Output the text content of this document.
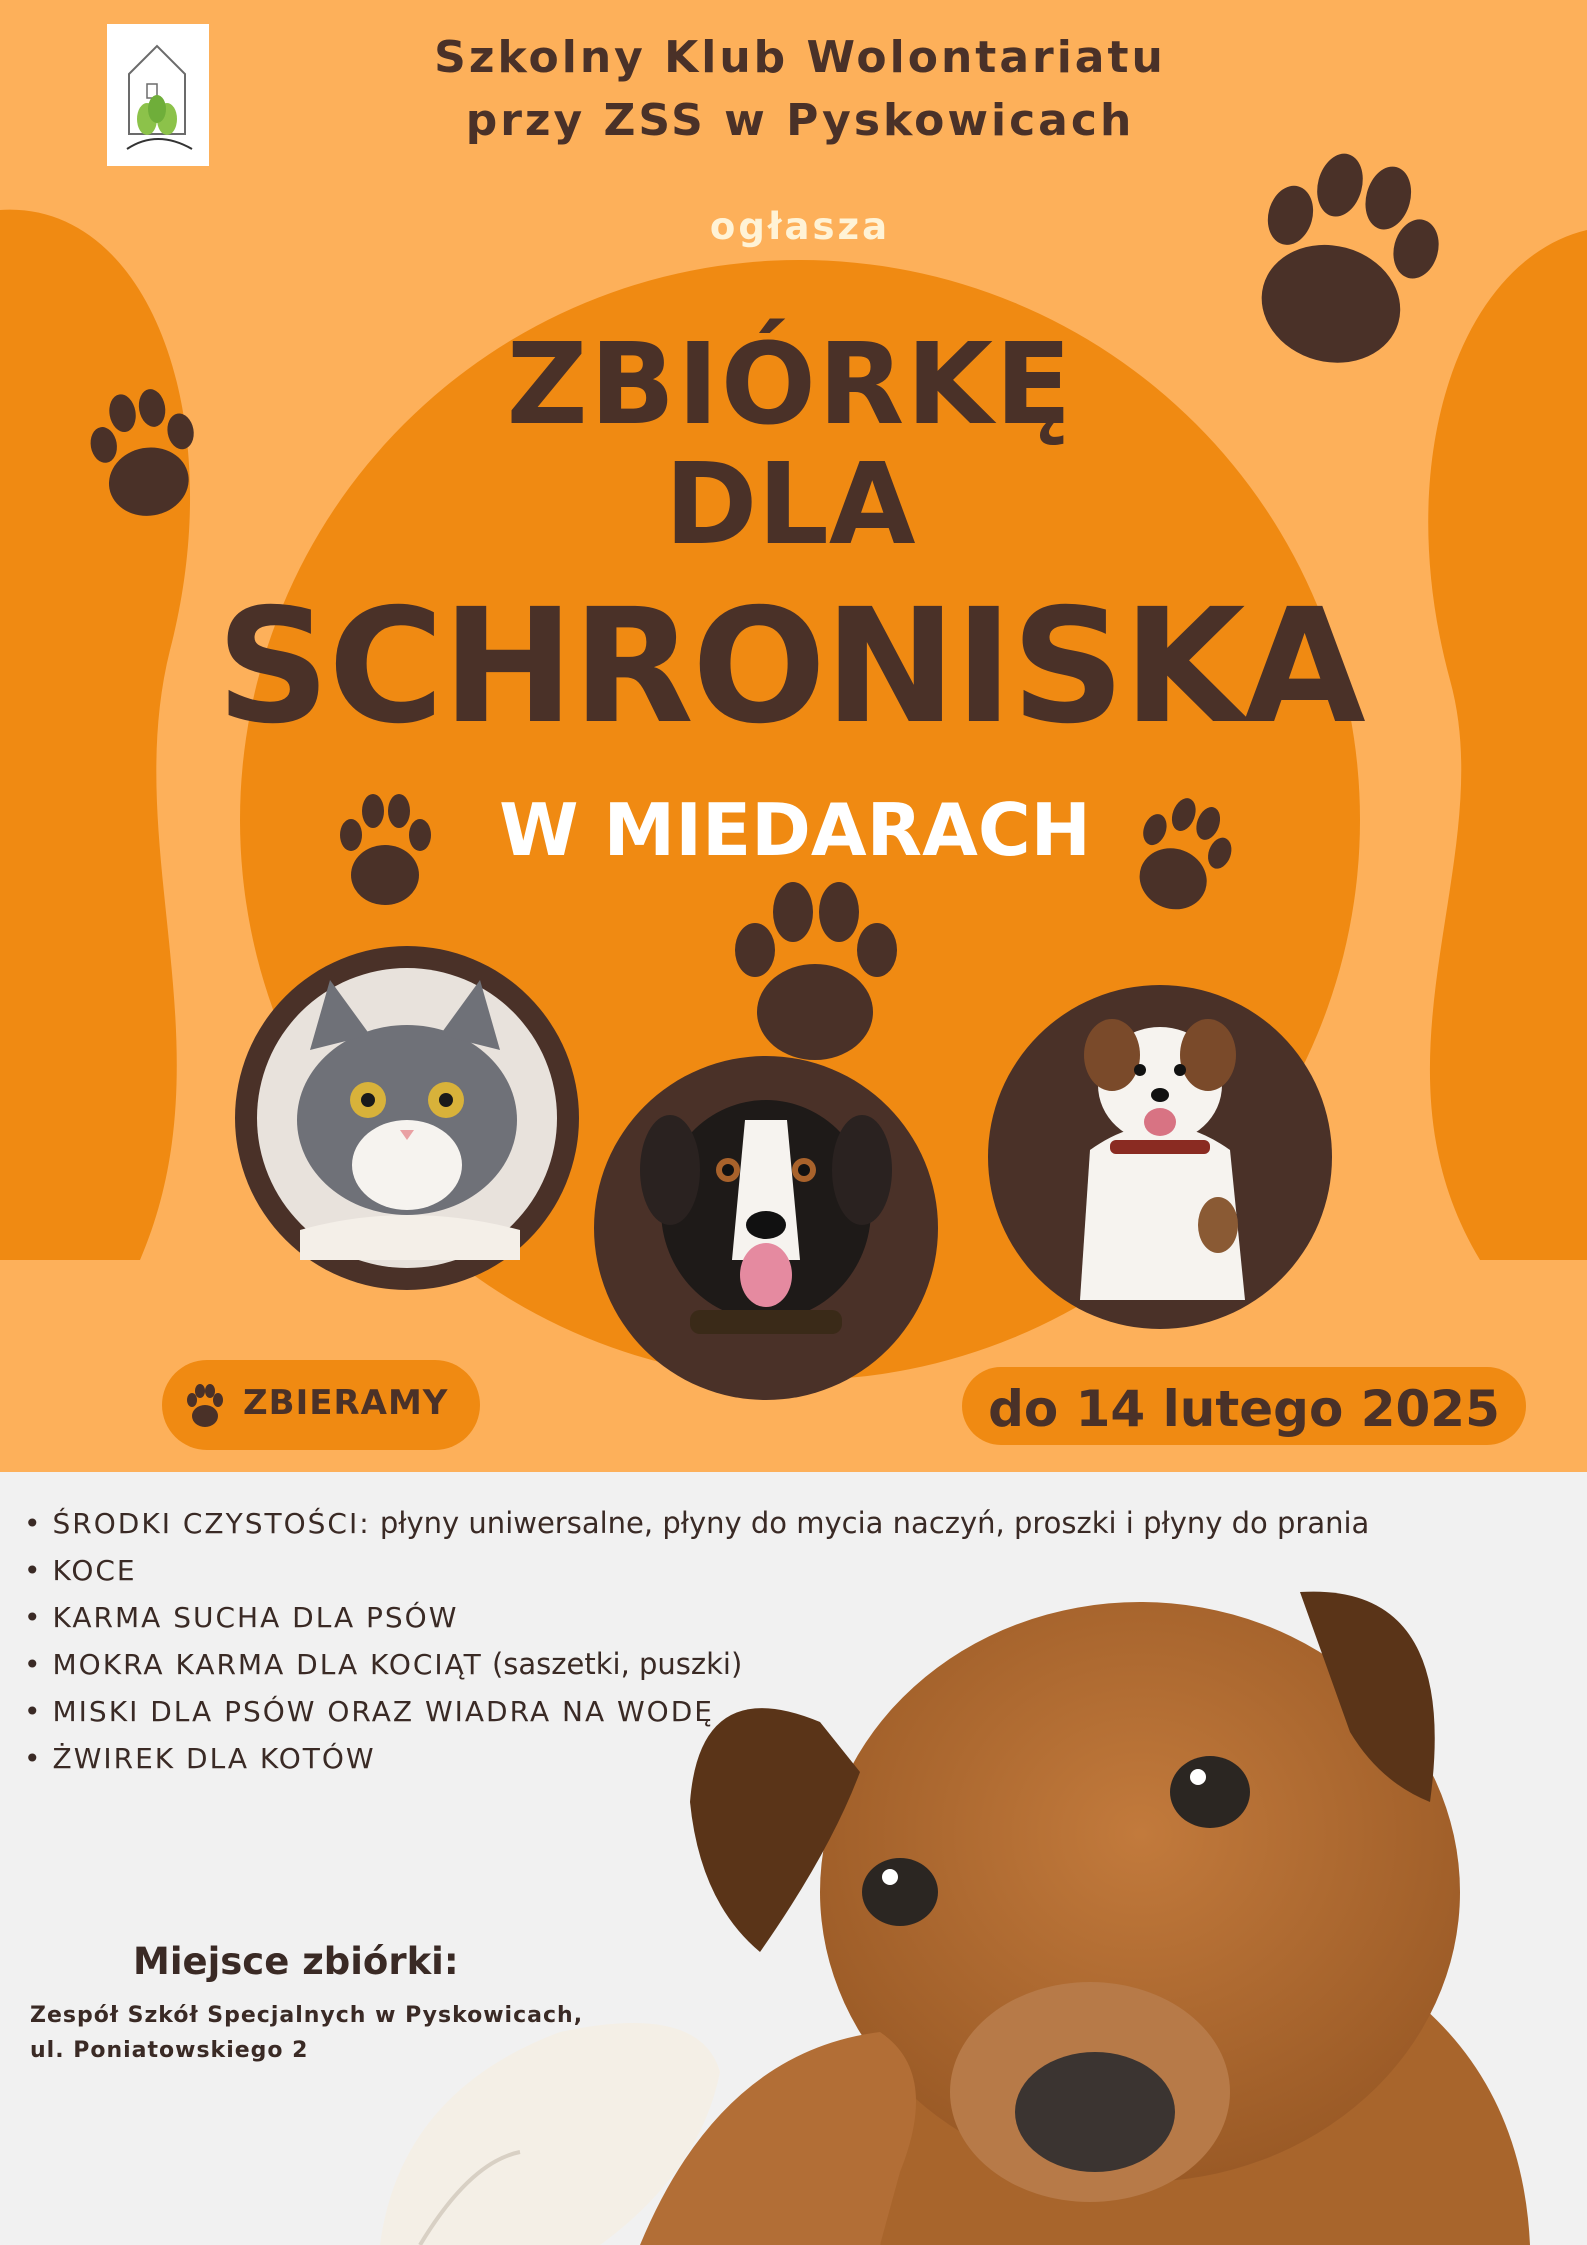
Szkolny Klub Wolontariatu
przy ZSS w Pyskowicach
ogłasza
ZBIÓRKĘ
DLA
SCHRONISKA
W MIEDARACH
ZBIERAMY	do 14 lutego 2025
• ŚRODKI CZYSTOŚCI: płyny uniwersalne, płyny do mycia naczyń, proszki i płyny do prania
• KOCE
• KARMA SUCHA DLA PSÓW
• MOKRA KARMA DLA KOCIĄT (saszetki, puszki)
• MISKI DLA PSÓW ORAZ WIADRA NA WODĘ
• ŻWIREK DLA KOTÓW
Miejsce zbiórki:
Zespół Szkół Specjalnych w Pyskowicach,
ul. Poniatowskiego 2
